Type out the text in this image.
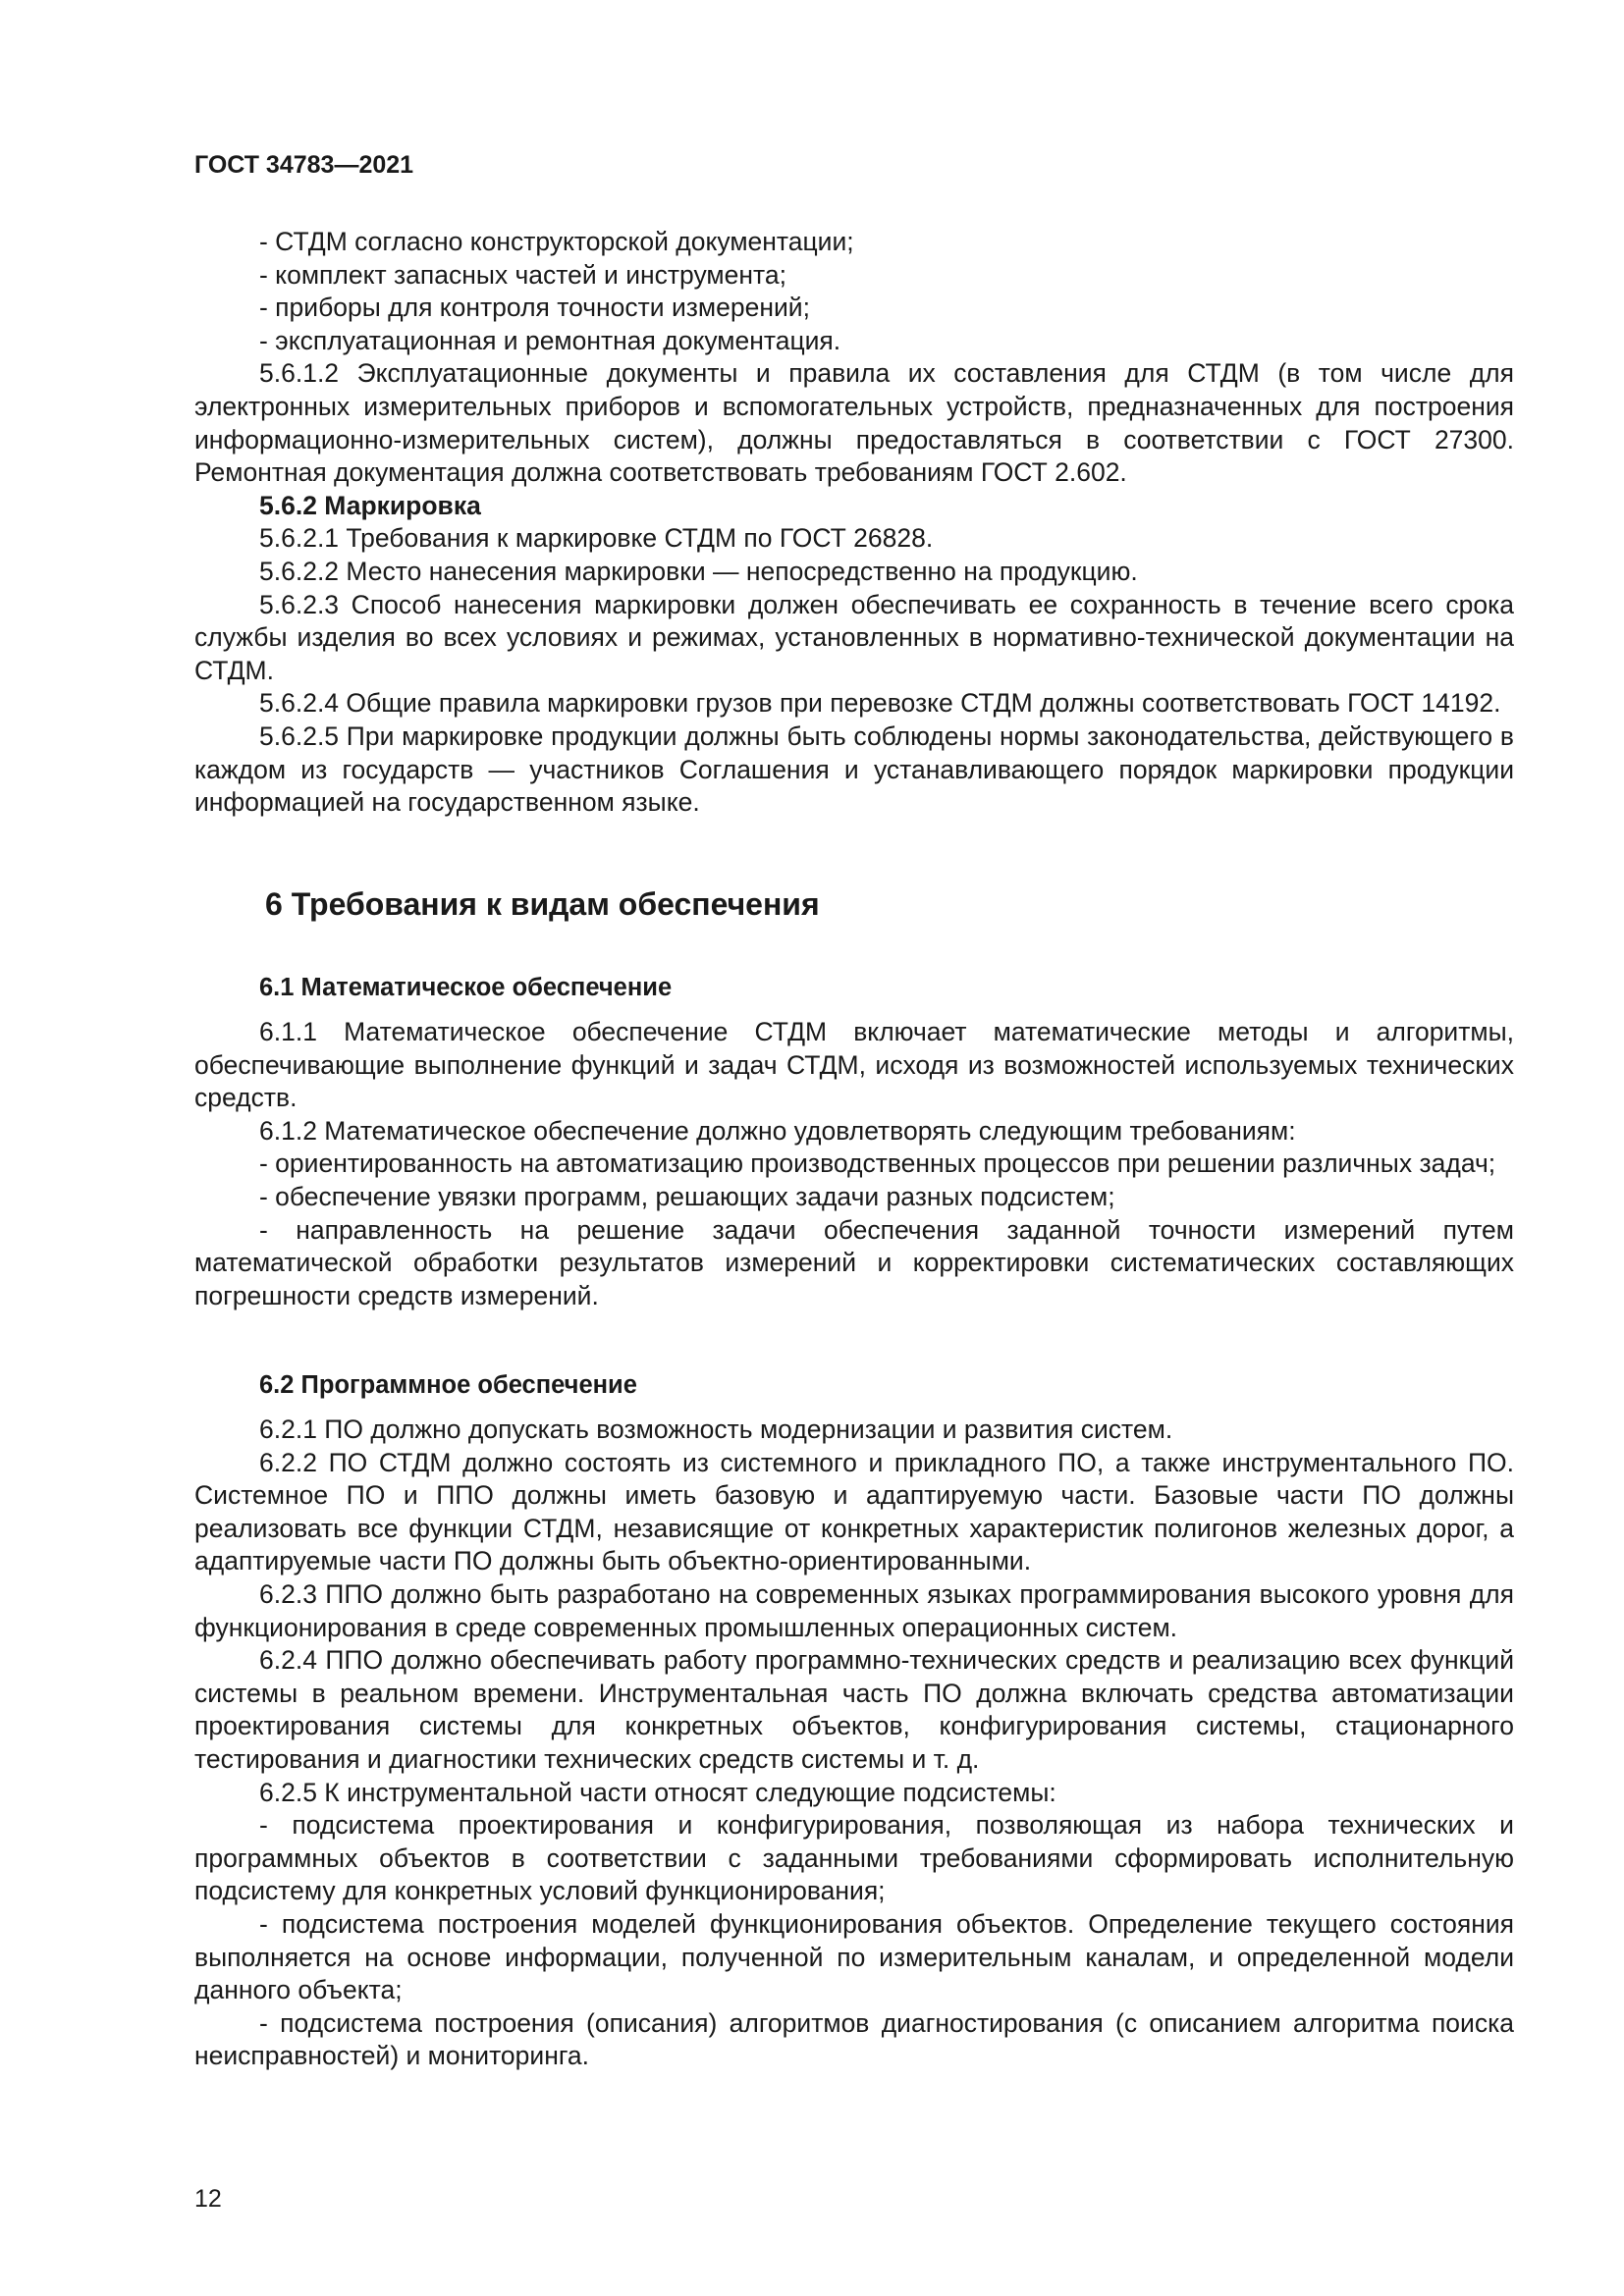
ГОСТ 34783—2021

- СТДМ согласно конструкторской документации;

- комплект запасных частей и инструмента;

- приборы для контроля точности измерений;

- эксплуатационная и ремонтная документация.

5.6.1.2 Эксплуатационные документы и правила их составления для СТДМ (в том числе для электронных измерительных приборов и вспомогательных устройств, предназначенных для построения информационно-измерительных систем), должны предоставляться в соответствии с ГОСТ 27300. Ремонтная документация должна соответствовать требованиям ГОСТ 2.602.

5.6.2 Маркировка

5.6.2.1 Требования к маркировке СТДМ по ГОСТ 26828.

5.6.2.2 Место нанесения маркировки — непосредственно на продукцию.

5.6.2.3 Способ нанесения маркировки должен обеспечивать ее сохранность в течение всего срока службы изделия во всех условиях и режимах, установленных в нормативно-технической документации на СТДМ.

5.6.2.4 Общие правила маркировки грузов при перевозке СТДМ должны соответствовать ГОСТ 14192.

5.6.2.5 При маркировке продукции должны быть соблюдены нормы законодательства, действующего в каждом из государств — участников Соглашения и устанавливающего порядок маркировки продукции информацией на государственном языке.

6 Требования к видам обеспечения
6.1 Математическое обеспечение

6.1.1 Математическое обеспечение СТДМ включает математические методы и алгоритмы, обеспечивающие выполнение функций и задач СТДМ, исходя из возможностей используемых технических средств.

6.1.2 Математическое обеспечение должно удовлетворять следующим требованиям:

- ориентированность на автоматизацию производственных процессов при решении различных задач;

- обеспечение увязки программ, решающих задачи разных подсистем;

- направленность на решение задачи обеспечения заданной точности измерений путем математической обработки результатов измерений и корректировки систематических составляющих погрешности средств измерений.

6.2 Программное обеспечение

6.2.1 ПО должно допускать возможность модернизации и развития систем.

6.2.2 ПО СТДМ должно состоять из системного и прикладного ПО, а также инструментального ПО. Системное ПО и ППО должны иметь базовую и адаптируемую части. Базовые части ПО должны реализовать все функции СТДМ, независящие от конкретных характеристик полигонов железных дорог, а адаптируемые части ПО должны быть объектно-ориентированными.

6.2.3 ППО должно быть разработано на современных языках программирования высокого уровня для функционирования в среде современных промышленных операционных систем.

6.2.4 ППО должно обеспечивать работу программно-технических средств и реализацию всех функций системы в реальном времени. Инструментальная часть ПО должна включать средства автоматизации проектирования системы для конкретных объектов, конфигурирования системы, стационарного тестирования и диагностики технических средств системы и т. д.

6.2.5 К инструментальной части относят следующие подсистемы:

- подсистема проектирования и конфигурирования, позволяющая из набора технических и программных объектов в соответствии с заданными требованиями сформировать исполнительную подсистему для конкретных условий функционирования;

- подсистема построения моделей функционирования объектов. Определение текущего состояния выполняется на основе информации, полученной по измерительным каналам, и определенной модели данного объекта;

- подсистема построения (описания) алгоритмов диагностирования (с описанием алгоритма поиска неисправностей) и мониторинга.

12
